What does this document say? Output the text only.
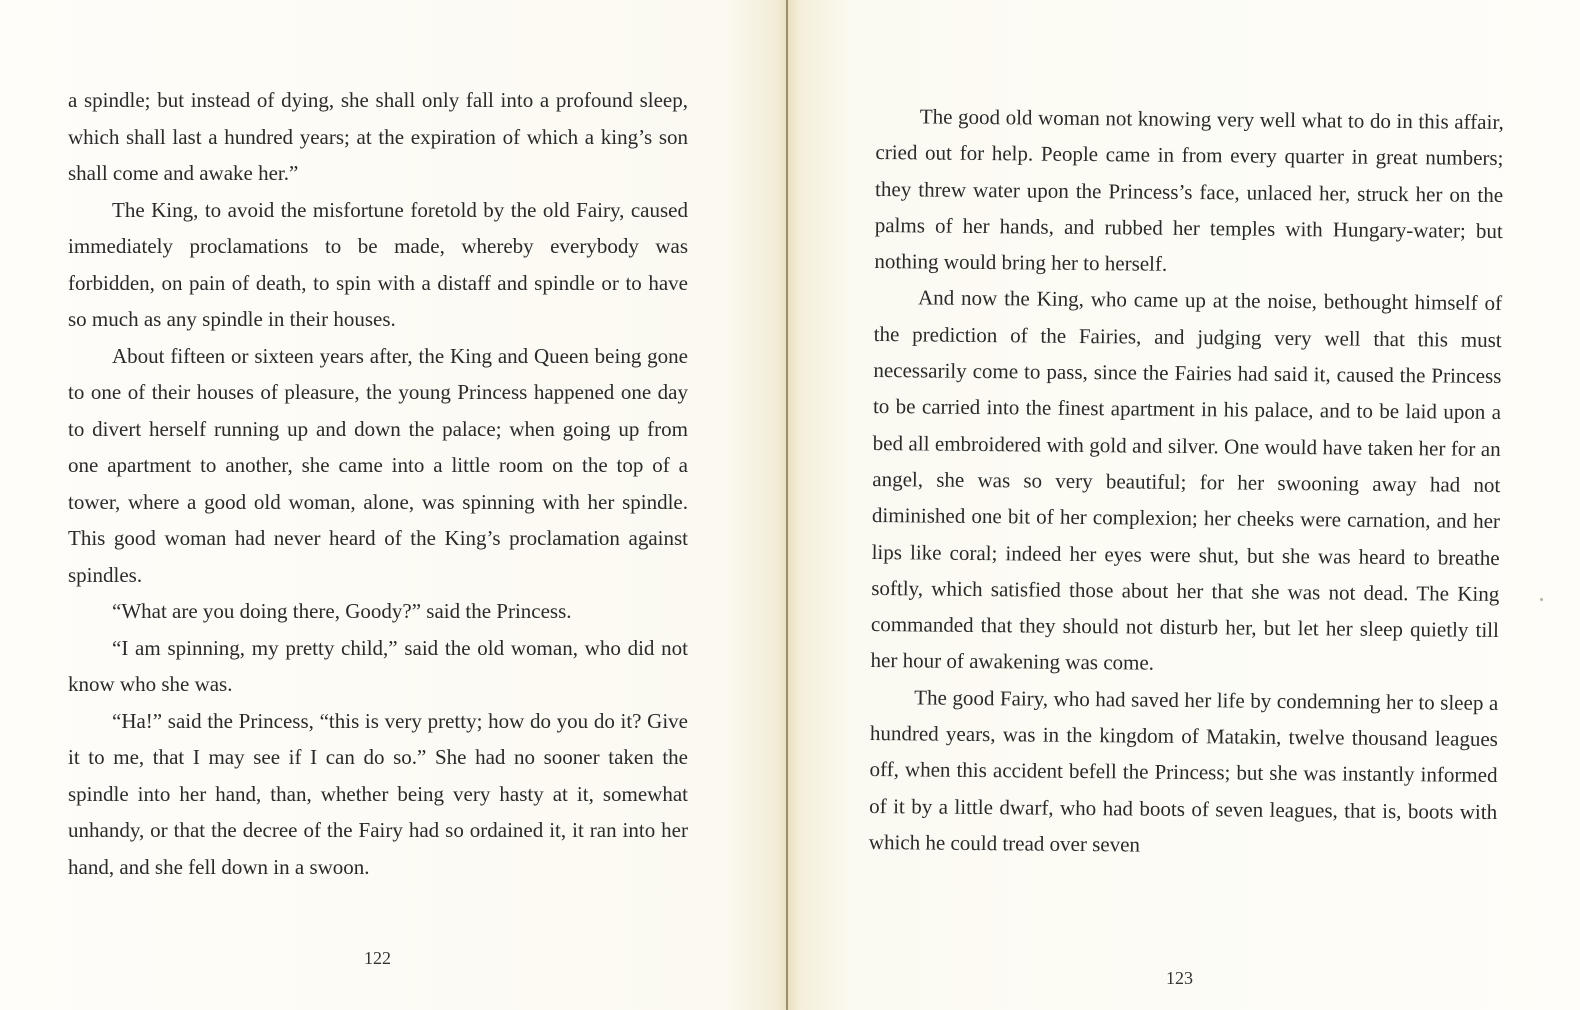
a spindle; but instead of dying, she shall only fall into a profound sleep, which shall last a hundred years; at the expiration of which a king’s son shall come and awake her.”

The King, to avoid the misfortune foretold by the old Fairy, caused immediately proclamations to be made, whereby everybody was forbidden, on pain of death, to spin with a distaff and spindle or to have so much as any spindle in their houses.

About fifteen or sixteen years after, the King and Queen being gone to one of their houses of pleasure, the young Princess happened one day to divert herself running up and down the palace; when going up from one apartment to another, she came into a little room on the top of a tower, where a good old woman, alone, was spinning with her spindle. This good woman had never heard of the King’s proclamation against spindles.

“What are you doing there, Goody?” said the Princess.

“I am spinning, my pretty child,” said the old woman, who did not know who she was.

“Ha!” said the Princess, “this is very pretty; how do you do it? Give it to me, that I may see if I can do so.” She had no sooner taken the spindle into her hand, than, whether being very hasty at it, somewhat unhandy, or that the decree of the Fairy had so ordained it, it ran into her hand, and she fell down in a swoon.

122

The good old woman not knowing very well what to do in this affair, cried out for help. People came in from every quarter in great numbers; they threw water upon the Princess’s face, unlaced her, struck her on the palms of her hands, and rubbed her temples with Hungary-water; but nothing would bring her to herself.

And now the King, who came up at the noise, bethought himself of the prediction of the Fairies, and judging very well that this must necessarily come to pass, since the Fairies had said it, caused the Princess to be carried into the finest apartment in his palace, and to be laid upon a bed all embroidered with gold and silver. One would have taken her for an angel, she was so very beautiful; for her swooning away had not diminished one bit of her complexion; her cheeks were carnation, and her lips like coral; indeed her eyes were shut, but she was heard to breathe softly, which satisfied those about her that she was not dead. The King commanded that they should not disturb her, but let her sleep quietly till her hour of awakening was come.

The good Fairy, who had saved her life by condemning her to sleep a hundred years, was in the kingdom of Matakin, twelve thousand leagues off, when this accident befell the Princess; but she was instantly informed of it by a little dwarf, who had boots of seven leagues, that is, boots with which he could tread over seven

123
